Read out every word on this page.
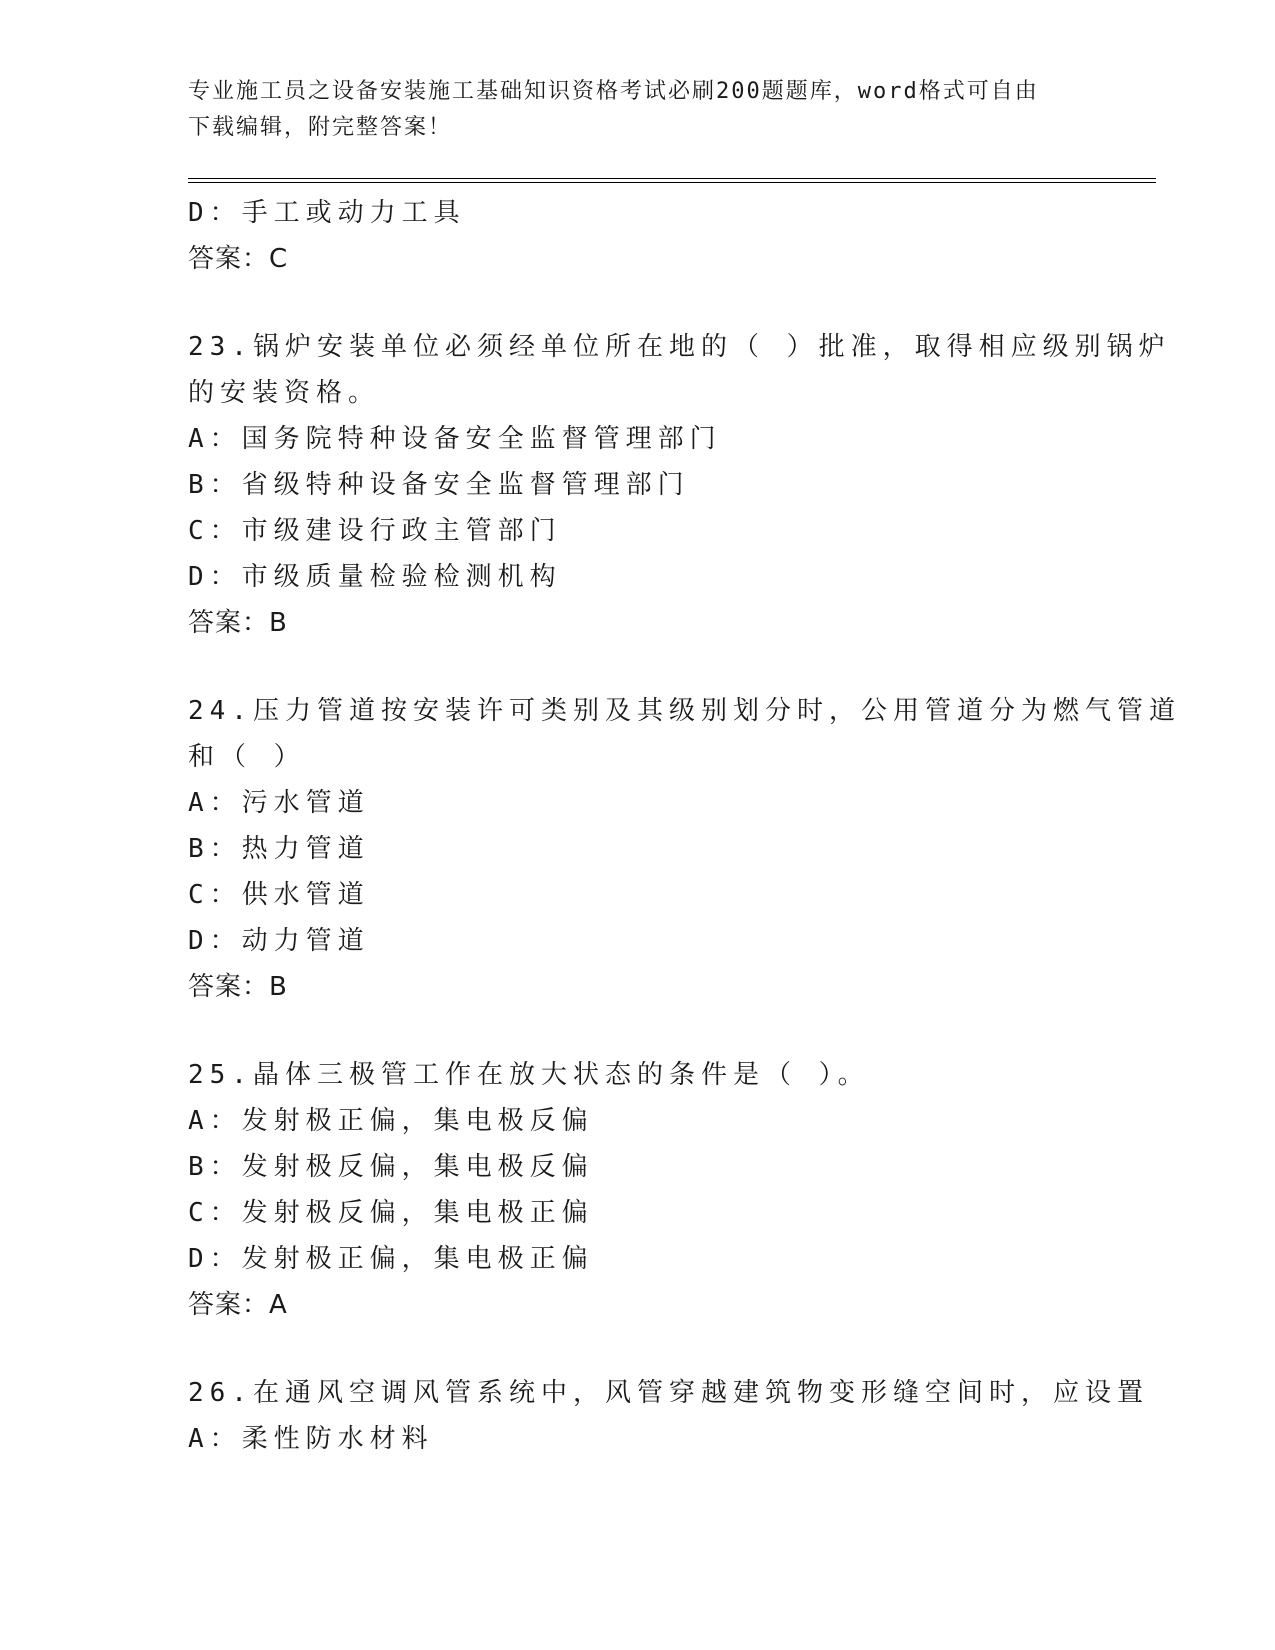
专业施工员之设备安装施工基础知识资格考试必刷200题题库，word格式可自由
下载编辑，附完整答案！
D：手工或动力工具
答案：C
23.锅炉安装单位必须经单位所在地的（ ）批准，取得相应级别锅炉
的安装资格。
A：国务院特种设备安全监督管理部门
B：省级特种设备安全监督管理部门
C：市级建设行政主管部门
D：市级质量检验检测机构
答案：B
24.压力管道按安装许可类别及其级别划分时，公用管道分为燃气管道
和（ ）
A：污水管道
B：热力管道
C：供水管道
D：动力管道
答案：B
25.晶体三极管工作在放大状态的条件是（ ）。
A：发射极正偏，集电极反偏
B：发射极反偏，集电极反偏
C：发射极反偏，集电极正偏
D：发射极正偏，集电极正偏
答案：A
26.在通风空调风管系统中，风管穿越建筑物变形缝空间时，应设置
A：柔性防水材料
